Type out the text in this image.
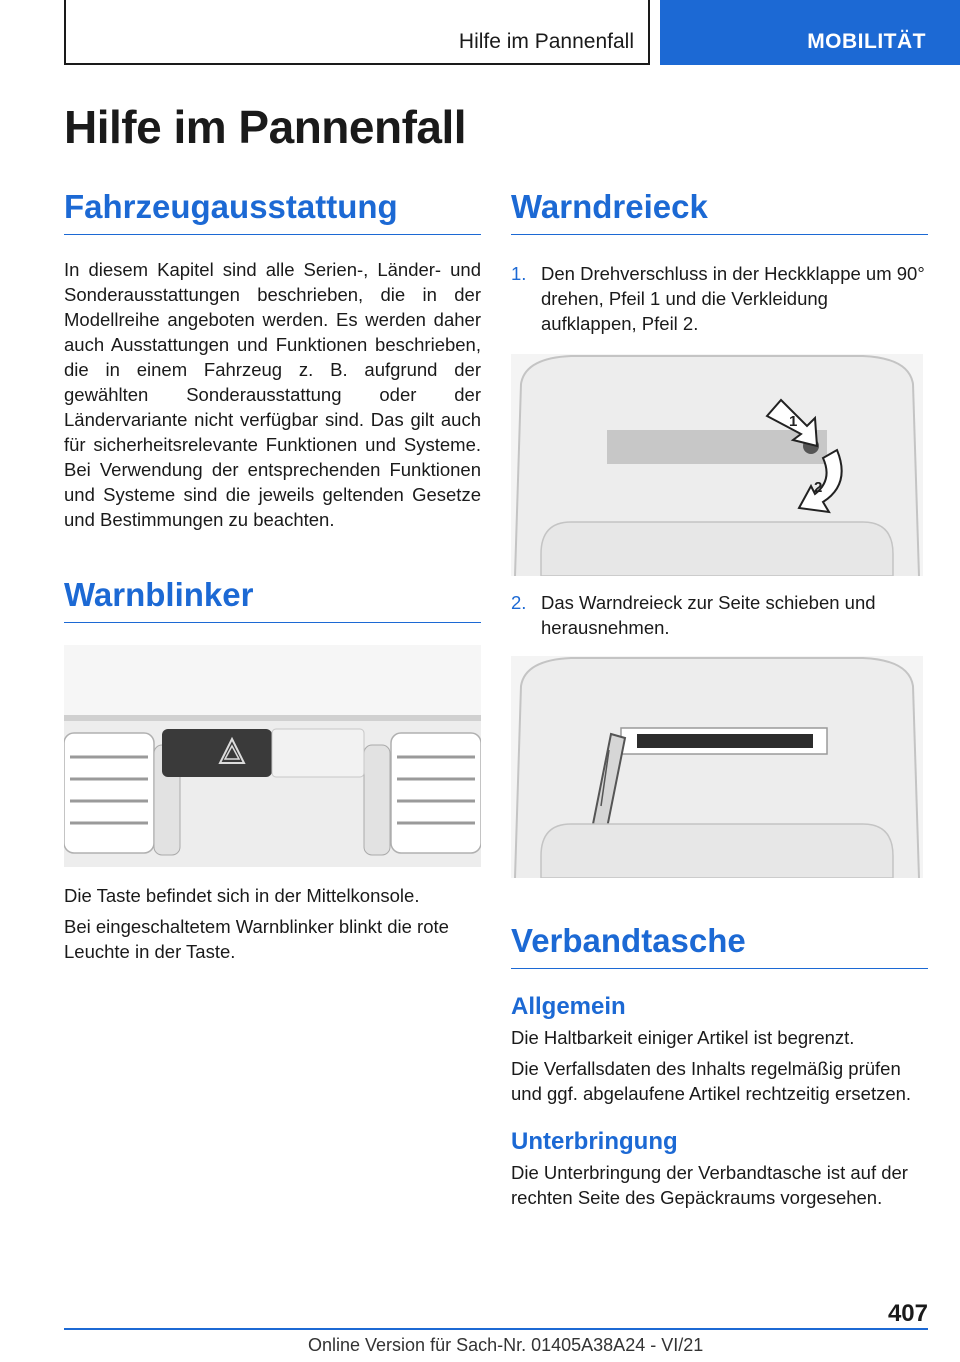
Hilfe im Pannenfall	MOBILITÄT
Hilfe im Pannenfall
Fahrzeugausstattung

In diesem Kapitel sind alle Serien-, Länder- und Sonderausstattungen beschrieben, die in der Modellreihe angeboten werden. Es werden daher auch Ausstattungen und Funktionen beschrieben, die in einem Fahrzeug z. B. aufgrund der gewählten Sonderausstattung oder der Ländervariante nicht verfügbar sind. Das gilt auch für sicherheitsrelevante Funktionen und Systeme. Bei Verwendung der entsprechenden Funktionen und Systeme sind die jeweils geltenden Gesetze und Bestimmungen zu beachten.

Warnblinker

Die Taste befindet sich in der Mittelkonsole.

Bei eingeschaltetem Warnblinker blinkt die rote Leuchte in der Taste.

Warndreieck
1. Den Drehverschluss in der Heckklappe um 90° drehen, Pfeil 1 und die Verkleidung aufklappen, Pfeil 2.
1
2
2. Das Warndreieck zur Seite schieben und herausnehmen.
Verbandtasche
Allgemein

Die Haltbarkeit einiger Artikel ist begrenzt.

Die Verfallsdaten des Inhalts regelmäßig prüfen und ggf. abgelaufene Artikel rechtzeitig ersetzen.

Unterbringung

Die Unterbringung der Verbandtasche ist auf der rechten Seite des Gepäckraums vorgesehen.

407
Online Version für Sach-Nr. 01405A38A24 - VI/21
